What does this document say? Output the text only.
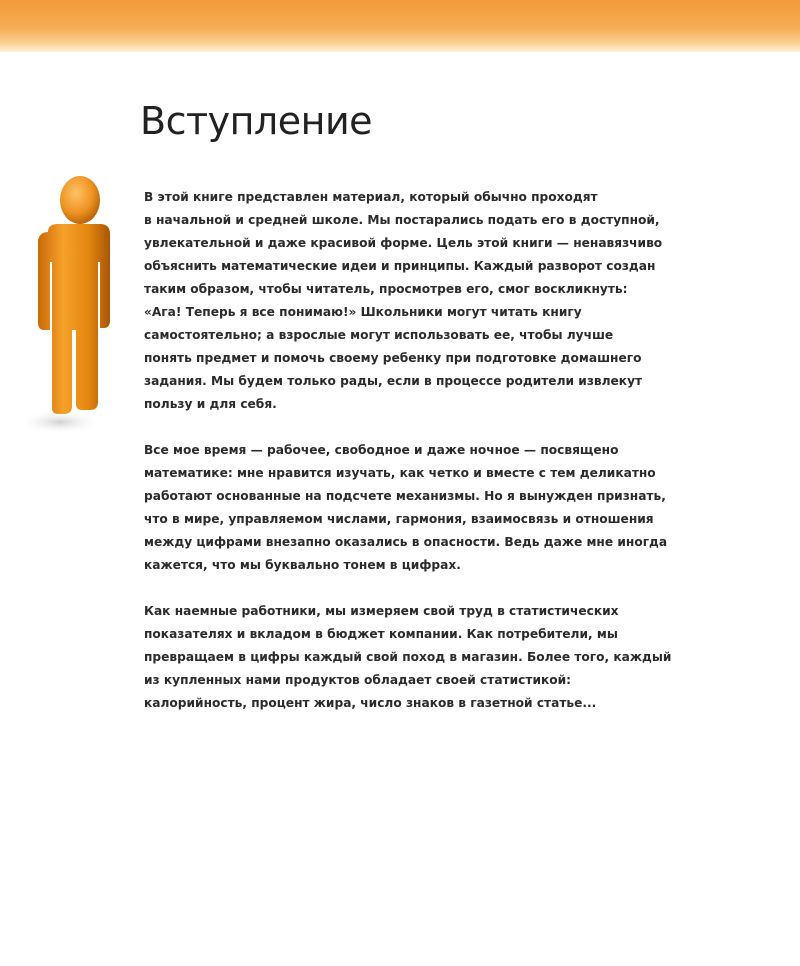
Вступление

В этой книге представлен материал, который обычно проходят
в начальной и средней школе. Мы постарались подать его в доступной,
увлекательной и даже красивой форме. Цель этой книги — ненавязчиво
объяснить математические идеи и принципы. Каждый разворот создан
таким образом, чтобы читатель, просмотрев его, смог воскликнуть:
«Ага! Теперь я все понимаю!» Школьники могут читать книгу
самостоятельно; а взрослые могут использовать ее, чтобы лучше
понять предмет и помочь своему ребенку при подготовке домашнего
задания. Мы будем только рады, если в процессе родители извлекут
пользу и для себя.

Все мое время — рабочее, свободное и даже ночное — посвящено
математике: мне нравится изучать, как четко и вместе с тем деликатно
работают основанные на подсчете механизмы. Но я вынужден признать,
что в мире, управляемом числами, гармония, взаимосвязь и отношения
между цифрами внезапно оказались в опасности. Ведь даже мне иногда
кажется, что мы буквально тонем в цифрах.

Как наемные работники, мы измеряем свой труд в статистических
показателях и вкладом в бюджет компании. Как потребители, мы
превращаем в цифры каждый свой поход в магазин. Более того, каждый
из купленных нами продуктов обладает своей статистикой:
калорийность, процент жира, число знаков в газетной статье...
